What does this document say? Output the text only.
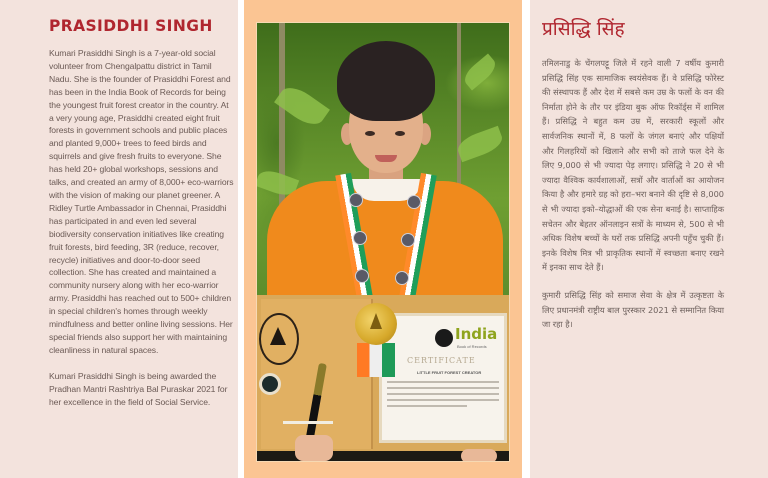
PRASIDDHI SINGH

Kumari Prasiddhi Singh is a 7-year-old social volunteer from Chengalpattu district in Tamil Nadu. She is the founder of Prasiddhi Forest and has been in the India Book of Records for being the youngest fruit forest creator in the country. At a very young age, Prasiddhi created eight fruit forests in government schools and public places and planted 9,000+ trees to feed birds and squirrels and give fresh fruits to everyone. She has held 20+ global workshops, sessions and talks, and created an army of 8,000+ eco-warriors with the vision of making our planet greener. A Ridley Turtle Ambassador in Chennai, Prasiddhi has participated in and even led several biodiversity conservation initiatives like creating fruit forests, bird feeding, 3R (reduce, recover, recycle) initiatives and door-to-door seed collection. She has created and maintained a community nursery along with her eco-warrior army. Prasiddhi has reached out to 500+ children in special children's homes through weekly mindfulness and better online living sessions. Her special friends also support her with maintaining cleanliness in natural spaces.

Kumari Prasiddhi Singh is being awarded the Pradhan Mantri Rashtriya Bal Puraskar 2021 for her excellence in the field of Social Service.

प्रसिद्धि सिंह

तमिलनाडु के चेंगलपट्टू जिले में रहने वाली 7 वर्षीय कुमारी प्रसिद्धि सिंह एक सामाजिक स्वयंसेवक हैं। वे प्रसिद्धि फोरेस्ट की संस्थापक हैं और देश में सबसे कम उम्र के फलों के वन की निर्माता होने के तौर पर इंडिया बुक ऑफ रिकॉर्ड्स में शामिल हैं। प्रसिद्धि ने बहुत कम उम्र में, सरकारी स्कूलों और सार्वजनिक स्थानों में, 8 फलों के जंगल बनाएं और पक्षियों और गिलहरियों को खिलाने और सभी को ताजे फल देने के लिए 9,000 से भी ज्यादा पेड़ लगाए। प्रसिद्धि ने 20 से भी ज्यादा वैश्विक कार्यशालाओं, सत्रों और वार्ताओं का आयोजन किया है और हमारे ग्रह को हरा–भरा बनाने की दृष्टि से 8,000 से भी ज्यादा इको–योद्धाओं की एक सेना बनाई है। साप्ताहिक सचेतन और बेहतर ऑनलाइन सत्रों के माध्यम से, 500 से भी अधिक विशेष बच्चों के घरों तक प्रसिद्धि अपनी पहुँच चुकी हैं। इनके विशेष मित्र भी प्राकृतिक स्थानों में स्वच्छता बनाए रखने में इनका साथ देते हैं।

कुमारी प्रसिद्धि सिंह को समाज सेवा के क्षेत्र में उत्कृष्टता के लिए प्रधानमंत्री राष्ट्रीय बाल पुरस्कार 2021 से सम्मानित किया जा रहा है।

India
Book of Records
CERTIFICATE
LITTLE FRUIT FOREST CREATOR
